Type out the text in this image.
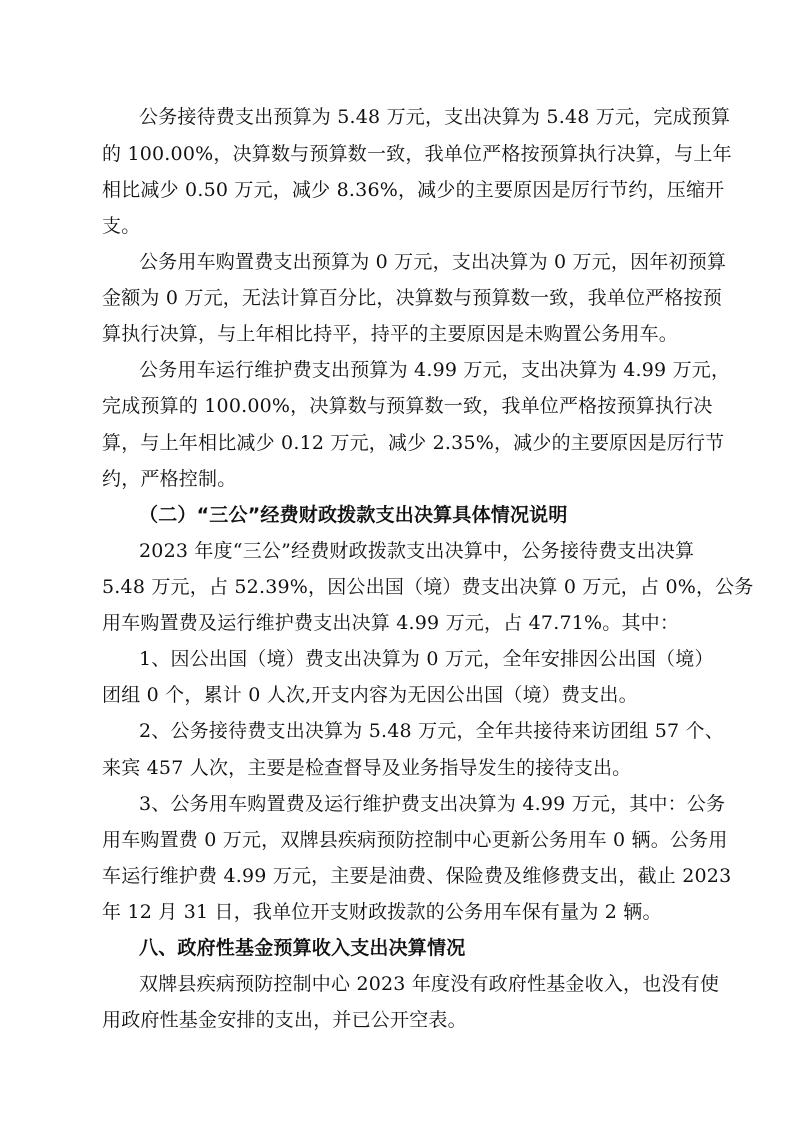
公务接待费支出预算为 5.48 万元，支出决算为 5.48 万元，完成预算
的 100.00%，决算数与预算数一致，我单位严格按预算执行决算，与上年
相比减少 0.50 万元，减少 8.36%，减少的主要原因是厉行节约，压缩开
支。
公务用车购置费支出预算为 0 万元，支出决算为 0 万元，因年初预算
金额为 0 万元，无法计算百分比，决算数与预算数一致，我单位严格按预
算执行决算，与上年相比持平，持平的主要原因是未购置公务用车。
公务用车运行维护费支出预算为 4.99 万元，支出决算为 4.99 万元，
完成预算的 100.00%，决算数与预算数一致，我单位严格按预算执行决
算，与上年相比减少 0.12 万元，减少 2.35%，减少的主要原因是厉行节
约，严格控制。
（二）“三公”经费财政拨款支出决算具体情况说明
2023 年度“三公”经费财政拨款支出决算中，公务接待费支出决算
5.48 万元，占 52.39%，因公出国（境）费支出决算 0 万元，占 0%，公务
用车购置费及运行维护费支出决算 4.99 万元，占 47.71%。其中：
1、因公出国（境）费支出决算为 0 万元，全年安排因公出国（境）
团组 0 个，累计 0 人次,开支内容为无因公出国（境）费支出。
2、公务接待费支出决算为 5.48 万元，全年共接待来访团组 57 个、
来宾 457 人次，主要是检查督导及业务指导发生的接待支出。
3、公务用车购置费及运行维护费支出决算为 4.99 万元，其中：公务
用车购置费 0 万元，双牌县疾病预防控制中心更新公务用车 0 辆。公务用
车运行维护费 4.99 万元，主要是油费、保险费及维修费支出，截止 2023
年 12 月 31 日，我单位开支财政拨款的公务用车保有量为 2 辆。
八、政府性基金预算收入支出决算情况
双牌县疾病预防控制中心 2023 年度没有政府性基金收入，也没有使
用政府性基金安排的支出，并已公开空表。
